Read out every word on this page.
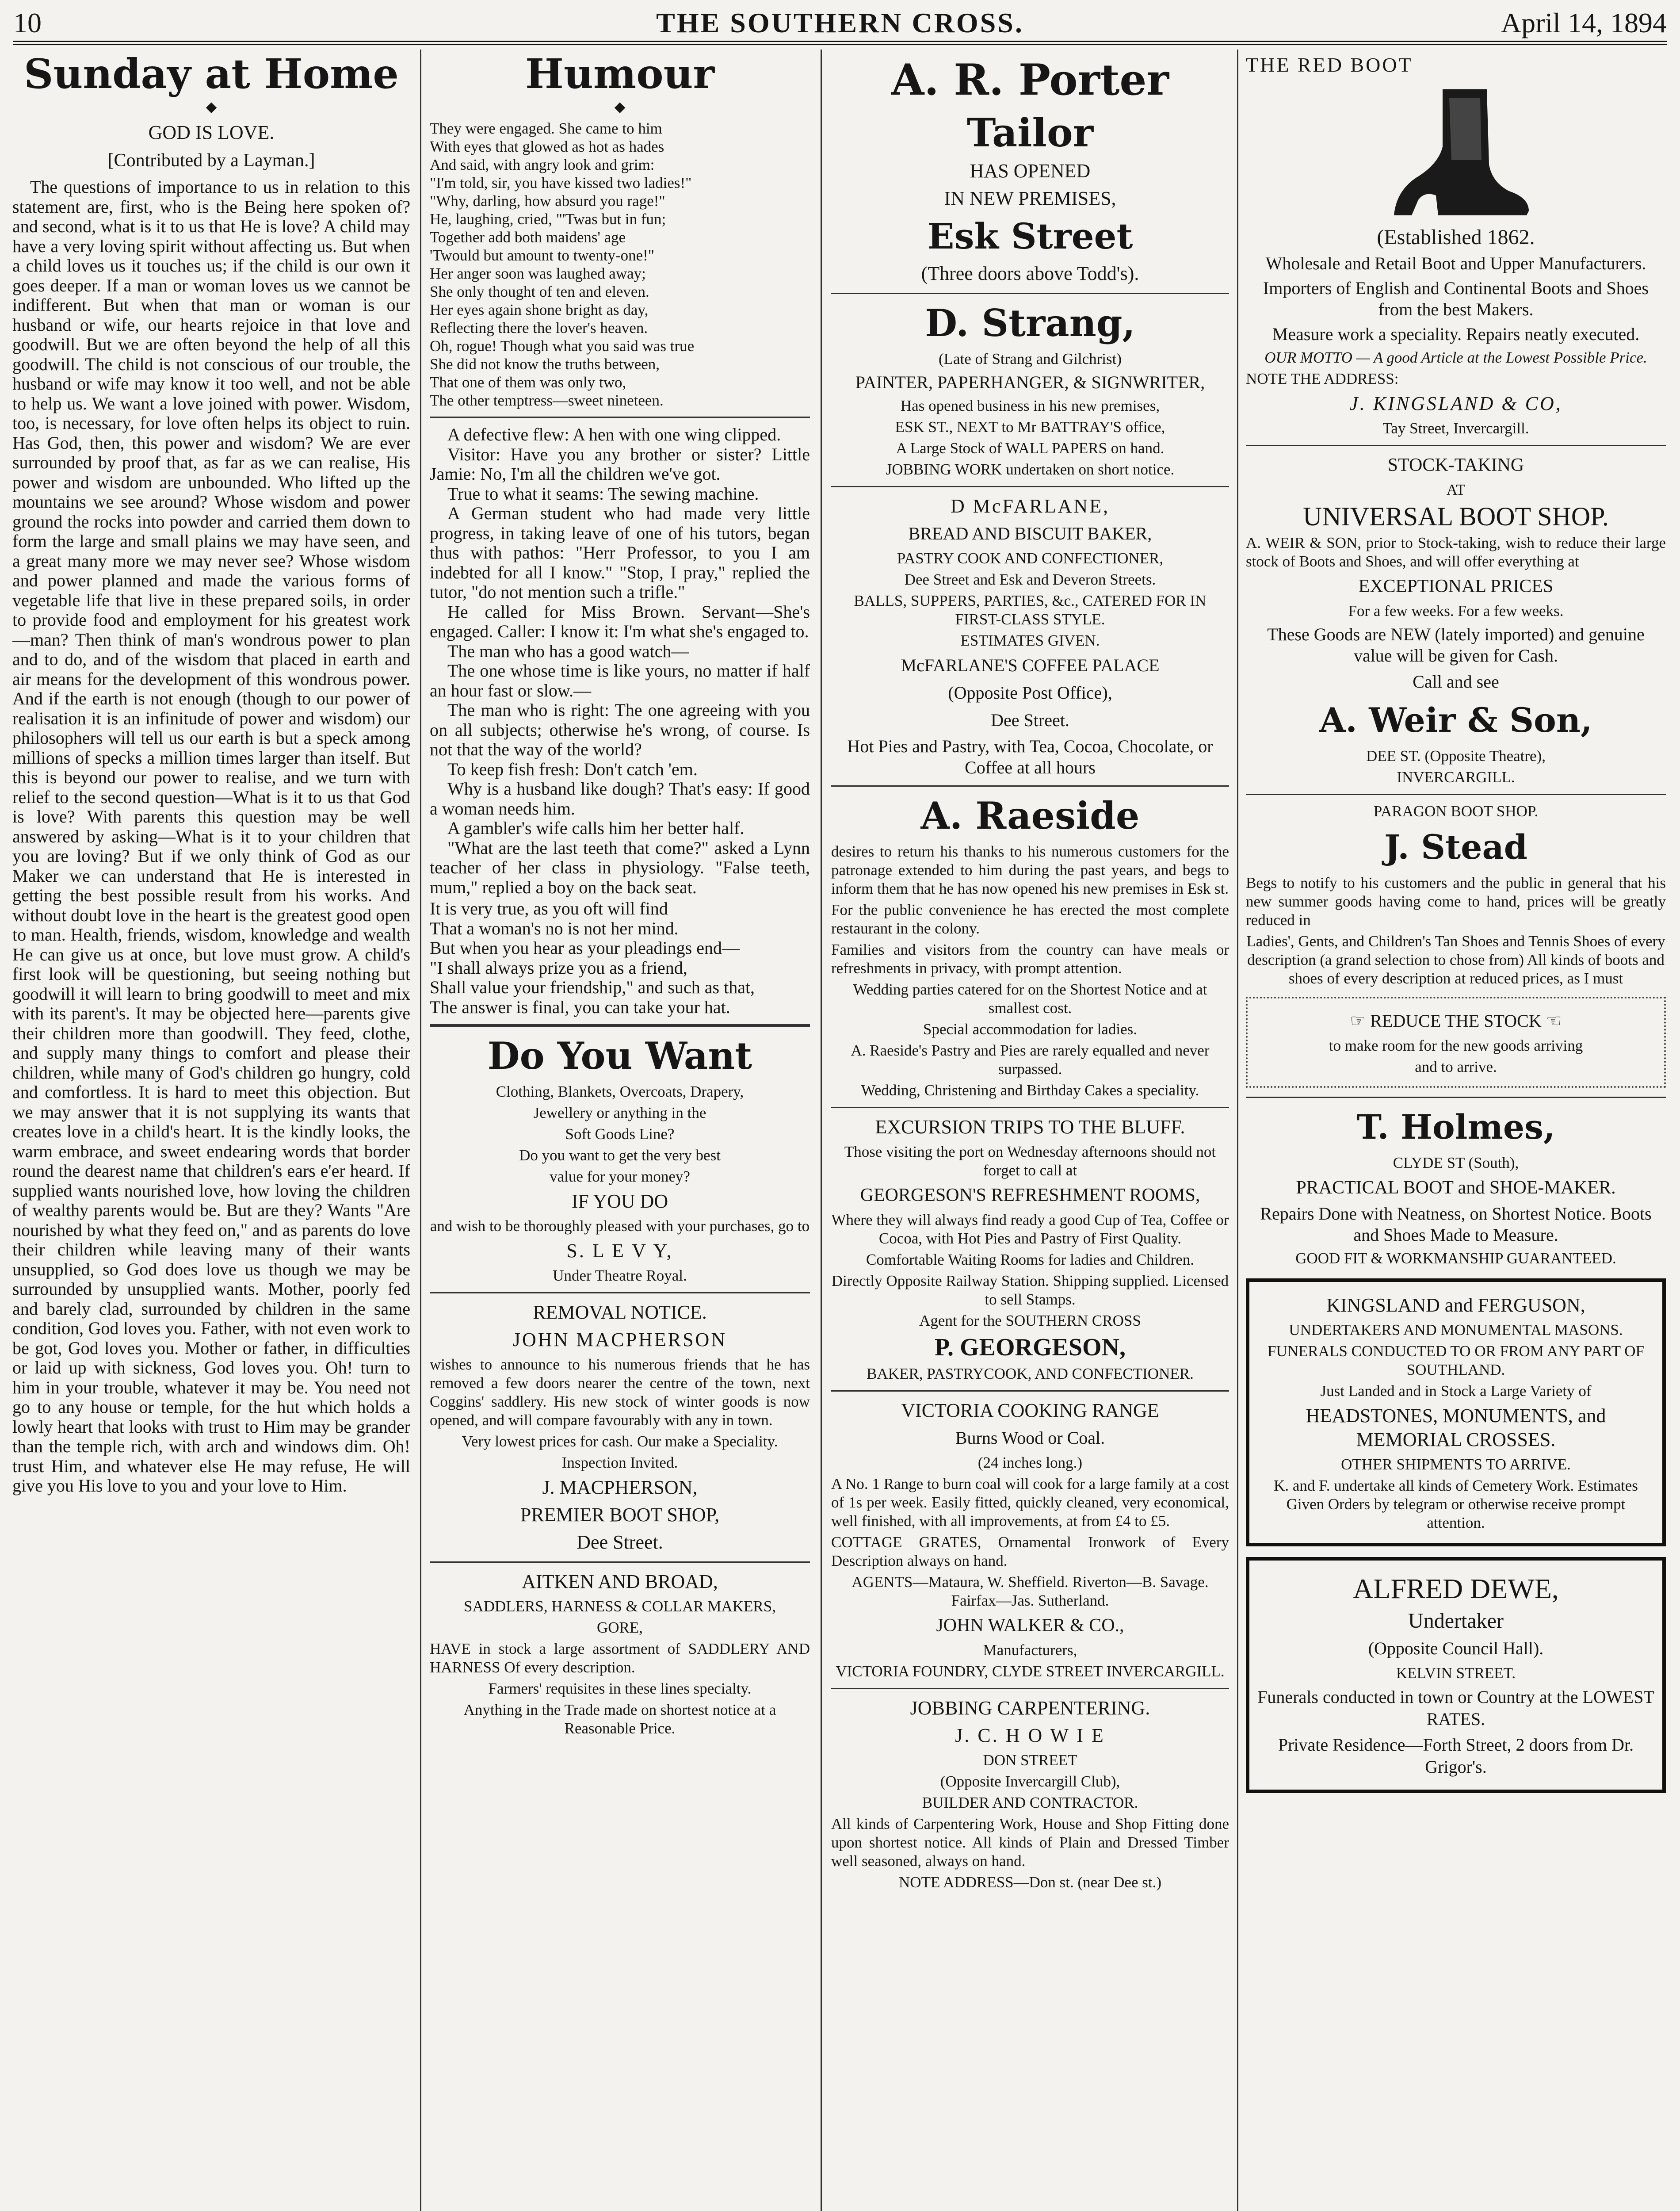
10	THE SOUTHERN CROSS.	April 14, 1894
Sunday at Home
◆
GOD IS LOVE.
[Contributed by a Layman.]

The questions of importance to us in relation to this statement are, first, who is the Being here spoken of? and second, what is it to us that He is love? A child may have a very loving spirit without affecting us. But when a child loves us it touches us; if the child is our own it goes deeper. If a man or woman loves us we cannot be indifferent. But when that man or woman is our husband or wife, our hearts rejoice in that love and goodwill. But we are often beyond the help of all this goodwill. The child is not conscious of our trouble, the husband or wife may know it too well, and not be able to help us. We want a love joined with power. Wisdom, too, is necessary, for love often helps its object to ruin. Has God, then, this power and wisdom? We are ever surrounded by proof that, as far as we can realise, His power and wisdom are unbounded. Who lifted up the mountains we see around? Whose wisdom and power ground the rocks into powder and carried them down to form the large and small plains we may have seen, and a great many more we may never see? Whose wisdom and power planned and made the various forms of vegetable life that live in these prepared soils, in order to provide food and employment for his greatest work—man? Then think of man's wondrous power to plan and to do, and of the wisdom that placed in earth and air means for the development of this wondrous power. And if the earth is not enough (though to our power of realisation it is an infinitude of power and wisdom) our philosophers will tell us our earth is but a speck among millions of specks a million times larger than itself. But this is beyond our power to realise, and we turn with relief to the second question—What is it to us that God is love? With parents this question may be well answered by asking—What is it to your children that you are loving? But if we only think of God as our Maker we can understand that He is interested in getting the best possible result from his works. And without doubt love in the heart is the greatest good open to man. Health, friends, wisdom, knowledge and wealth He can give us at once, but love must grow. A child's first look will be questioning, but seeing nothing but goodwill it will learn to bring goodwill to meet and mix with its parent's. It may be objected here—parents give their children more than goodwill. They feed, clothe, and supply many things to comfort and please their children, while many of God's children go hungry, cold and comfortless. It is hard to meet this objection. But we may answer that it is not supplying its wants that creates love in a child's heart. It is the kindly looks, the warm embrace, and sweet endearing words that border round the dearest name that children's ears e'er heard. If supplied wants nourished love, how loving the children of wealthy parents would be. But are they? Wants "Are nourished by what they feed on," and as parents do love their children while leaving many of their wants unsupplied, so God does love us though we may be surrounded by unsupplied wants. Mother, poorly fed and barely clad, surrounded by children in the same condition, God loves you. Father, with not even work to be got, God loves you. Mother or father, in difficulties or laid up with sickness, God loves you. Oh! turn to him in your trouble, whatever it may be. You need not go to any house or temple, for the hut which holds a lowly heart that looks with trust to Him may be grander than the temple rich, with arch and windows dim. Oh! trust Him, and whatever else He may refuse, He will give you His love to you and your love to Him.

Humour
◆
They were engaged. She came to him
With eyes that glowed as hot as hades
And said, with angry look and grim:
"I'm told, sir, you have kissed two ladies!"
"Why, darling, how absurd you rage!"
He, laughing, cried, "'Twas but in fun;
Together add both maidens' age
'Twould but amount to twenty-one!"
Her anger soon was laughed away;
She only thought of ten and eleven.
Her eyes again shone bright as day,
Reflecting there the lover's heaven.
Oh, rogue! Though what you said was true
She did not know the truths between,
That one of them was only two,
The other temptress—sweet nineteen.

A defective flew: A hen with one wing clipped.

Visitor: Have you any brother or sister? Little Jamie: No, I'm all the children we've got.

True to what it seams: The sewing machine.

A German student who had made very little progress, in taking leave of one of his tutors, began thus with pathos: "Herr Professor, to you I am indebted for all I know." "Stop, I pray," replied the tutor, "do not mention such a trifle."

He called for Miss Brown. Servant—She's engaged. Caller: I know it: I'm what she's engaged to.

The man who has a good watch—

The one whose time is like yours, no matter if half an hour fast or slow.—

The man who is right: The one agreeing with you on all subjects; otherwise he's wrong, of course. Is not that the way of the world?

To keep fish fresh: Don't catch 'em.

Why is a husband like dough? That's easy: If good a woman needs him.

A gambler's wife calls him her better half.

"What are the last teeth that come?" asked a Lynn teacher of her class in physiology. "False teeth, mum," replied a boy on the back seat.

It is very true, as you oft will find
That a woman's no is not her mind.
But when you hear as your pleadings end—
"I shall always prize you as a friend,
Shall value your friendship," and such as that,
The answer is final, you can take your hat.
Do You Want
Clothing, Blankets, Overcoats, Drapery,
Jewellery or anything in the
Soft Goods Line?
Do you want to get the very best
value for your money?
IF YOU DO
and wish to be thoroughly pleased with your purchases, go to
S. L E V Y,
Under Theatre Royal.
REMOVAL NOTICE.
JOHN MACPHERSON
wishes to announce to his numerous friends that he has removed a few doors nearer the centre of the town, next Coggins' saddlery. His new stock of winter goods is now opened, and will compare favourably with any in town.
Very lowest prices for cash. Our make a Speciality.
Inspection Invited.
J. MACPHERSON,
PREMIER BOOT SHOP,
Dee Street.
AITKEN AND BROAD,
SADDLERS, HARNESS & COLLAR MAKERS,
GORE,
HAVE in stock a large assortment of SADDLERY AND HARNESS Of every description.
Farmers' requisites in these lines specialty.
Anything in the Trade made on shortest notice at a Reasonable Price.
A. R. Porter
Tailor
HAS OPENED
IN NEW PREMISES,
Esk Street
(Three doors above Todd's).
D. Strang,
(Late of Strang and Gilchrist)
PAINTER, PAPERHANGER, & SIGNWRITER,
Has opened business in his new premises,
ESK ST., NEXT to Mr BATTRAY'S office,
A Large Stock of WALL PAPERS on hand.
JOBBING WORK undertaken on short notice.
D McFARLANE,
BREAD AND BISCUIT BAKER,
PASTRY COOK AND CONFECTIONER,
Dee Street and Esk and Deveron Streets.
BALLS, SUPPERS, PARTIES, &c., CATERED FOR IN FIRST-CLASS STYLE.
ESTIMATES GIVEN.
McFARLANE'S COFFEE PALACE
(Opposite Post Office),
Dee Street.
Hot Pies and Pastry, with Tea, Cocoa, Chocolate, or Coffee at all hours
A. Raeside
desires to return his thanks to his numerous customers for the patronage extended to him during the past years, and begs to inform them that he has now opened his new premises in Esk st.
For the public convenience he has erected the most complete restaurant in the colony.
Families and visitors from the country can have meals or refreshments in privacy, with prompt attention.
Wedding parties catered for on the Shortest Notice and at smallest cost.
Special accommodation for ladies.
A. Raeside's Pastry and Pies are rarely equalled and never surpassed.
Wedding, Christening and Birthday Cakes a speciality.
EXCURSION TRIPS TO THE BLUFF.
Those visiting the port on Wednesday afternoons should not forget to call at
GEORGESON'S REFRESHMENT ROOMS,
Where they will always find ready a good Cup of Tea, Coffee or Cocoa, with Hot Pies and Pastry of First Quality.
Comfortable Waiting Rooms for ladies and Children.
Directly Opposite Railway Station. Shipping supplied. Licensed to sell Stamps.
Agent for the SOUTHERN CROSS
P. GEORGESON,
BAKER, PASTRYCOOK, AND CONFECTIONER.
VICTORIA COOKING RANGE
Burns Wood or Coal.
(24 inches long.)
A No. 1 Range to burn coal will cook for a large family at a cost of 1s per week. Easily fitted, quickly cleaned, very economical, well finished, with all improvements, at from £4 to £5.
COTTAGE GRATES, Ornamental Ironwork of Every Description always on hand.
AGENTS—Mataura, W. Sheffield. Riverton—B. Savage. Fairfax—Jas. Sutherland.
JOHN WALKER & CO.,
Manufacturers,
VICTORIA FOUNDRY, CLYDE STREET INVERCARGILL.
JOBBING CARPENTERING.
J. C. H O W I E
DON STREET
(Opposite Invercargill Club),
BUILDER AND CONTRACTOR.
All kinds of Carpentering Work, House and Shop Fitting done upon shortest notice. All kinds of Plain and Dressed Timber well seasoned, always on hand.
NOTE ADDRESS—Don st. (near Dee st.)
THE RED BOOT
(Established 1862.
Wholesale and Retail Boot and Upper Manufacturers.
Importers of English and Continental Boots and Shoes from the best Makers.
Measure work a speciality. Repairs neatly executed.
OUR MOTTO — A good Article at the Lowest Possible Price.
NOTE THE ADDRESS:
J. KINGSLAND & CO,
Tay Street, Invercargill.
STOCK-TAKING
AT
UNIVERSAL BOOT SHOP.
A. WEIR & SON, prior to Stock-taking, wish to reduce their large stock of Boots and Shoes, and will offer everything at
EXCEPTIONAL PRICES
For a few weeks. For a few weeks.
These Goods are NEW (lately imported) and genuine value will be given for Cash.
Call and see
A. Weir & Son,
DEE ST. (Opposite Theatre),
INVERCARGILL.
PARAGON BOOT SHOP.
J. Stead
Begs to notify to his customers and the public in general that his new summer goods having come to hand, prices will be greatly reduced in
Ladies', Gents, and Children's Tan Shoes and Tennis Shoes of every description (a grand selection to chose from) All kinds of boots and shoes of every description at reduced prices, as I must
☞ REDUCE THE STOCK ☜
to make room for the new goods arriving
and to arrive.
T. Holmes,
CLYDE ST (South),
PRACTICAL BOOT and SHOE-MAKER.
Repairs Done with Neatness, on Shortest Notice. Boots and Shoes Made to Measure.
GOOD FIT & WORKMANSHIP GUARANTEED.
KINGSLAND and FERGUSON,
UNDERTAKERS AND MONUMENTAL MASONS.
FUNERALS CONDUCTED TO OR FROM ANY PART OF SOUTHLAND.
Just Landed and in Stock a Large Variety of
HEADSTONES, MONUMENTS, and MEMORIAL CROSSES.
OTHER SHIPMENTS TO ARRIVE.
K. and F. undertake all kinds of Cemetery Work. Estimates Given Orders by telegram or otherwise receive prompt attention.
ALFRED DEWE,
Undertaker
(Opposite Council Hall).
KELVIN STREET.
Funerals conducted in town or Country at the LOWEST RATES.
Private Residence—Forth Street, 2 doors from Dr. Grigor's.
